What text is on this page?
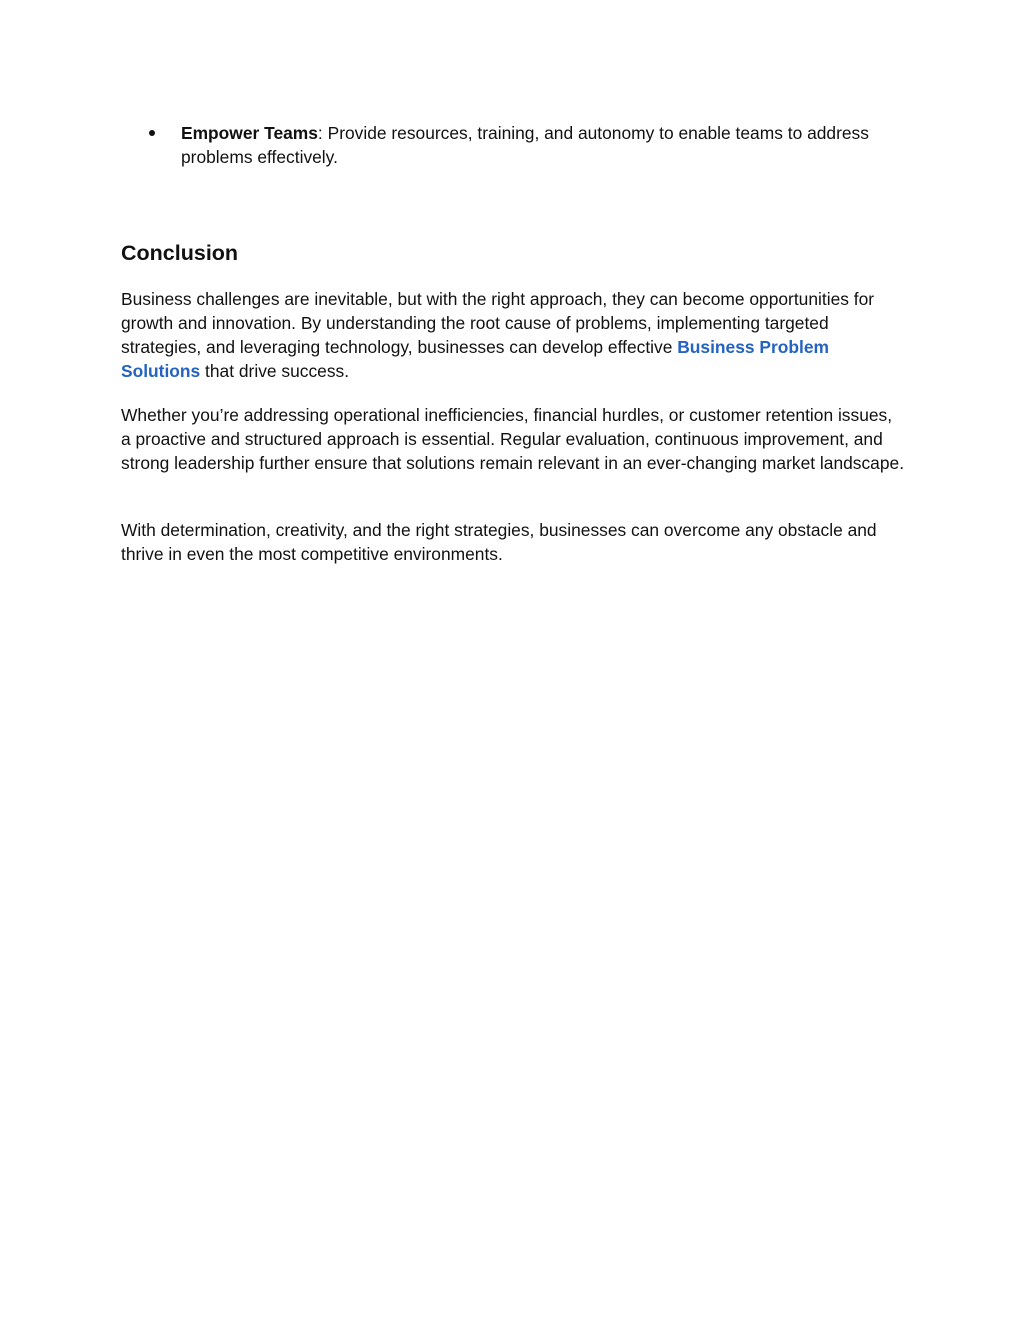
Empower Teams: Provide resources, training, and autonomy to enable teams to address problems effectively.
Conclusion

Business challenges are inevitable, but with the right approach, they can become opportunities for growth and innovation. By understanding the root cause of problems, implementing targeted strategies, and leveraging technology, businesses can develop effective Business Problem Solutions that drive success.

Whether you’re addressing operational inefficiencies, financial hurdles, or customer retention issues, a proactive and structured approach is essential. Regular evaluation, continuous improvement, and strong leadership further ensure that solutions remain relevant in an ever-changing market landscape.

With determination, creativity, and the right strategies, businesses can overcome any obstacle and thrive in even the most competitive environments.
